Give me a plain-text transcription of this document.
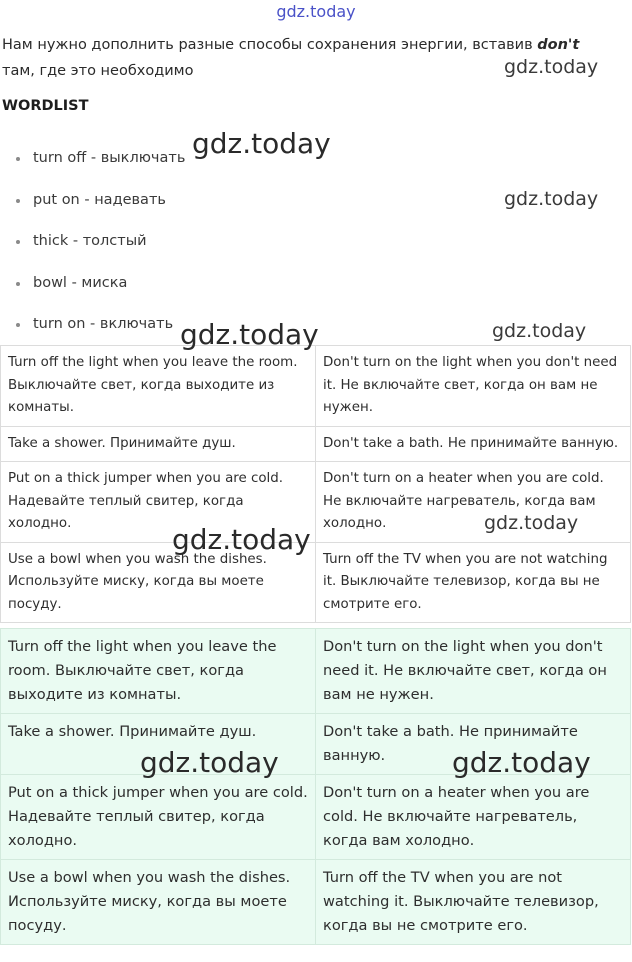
gdz.today
Нам нужно дополнить разные способы сохранения энергии, вставив don't там, где это необходимо
WORDLIST
turn off - выключать
put on - надевать
thick - толстый
bowl - миска
turn on - включать
Turn off the light when you leave the room. Выключайте свет, когда выходите из комнаты.	Don't turn on the light when you don't need it. Не включайте свет, когда он вам не нужен.
Take a shower. Принимайте душ.	Don't take a bath. Не принимайте ванную.
Put on a thick jumper when you are cold. Надевайте теплый свитер, когда холодно.	Don't turn on a heater when you are cold. Не включайте нагреватель, когда вам холодно.
Use a bowl when you wash the dishes. Используйте миску, когда вы моете посуду.	Turn off the TV when you are not watching it. Выключайте телевизор, когда вы не смотрите его.
Turn off the light when you leave the room. Выключайте свет, когда выходите из комнаты.	Don't turn on the light when you don't need it. Не включайте свет, когда он вам не нужен.
Take a shower. Принимайте душ.	Don't take a bath. Не принимайте ванную.
Put on a thick jumper when you are cold. Надевайте теплый свитер, когда холодно.	Don't turn on a heater when you are cold. Не включайте нагреватель, когда вам холодно.
Use a bowl when you wash the dishes. Используйте миску, когда вы моете посуду.	Turn off the TV when you are not watching it. Выключайте телевизор, когда вы не смотрите его.
gdz.today
gdz.today
gdz.today
gdz.today	gdz.today
gdz.today
gdz.today
gdz.today	gdz.today
